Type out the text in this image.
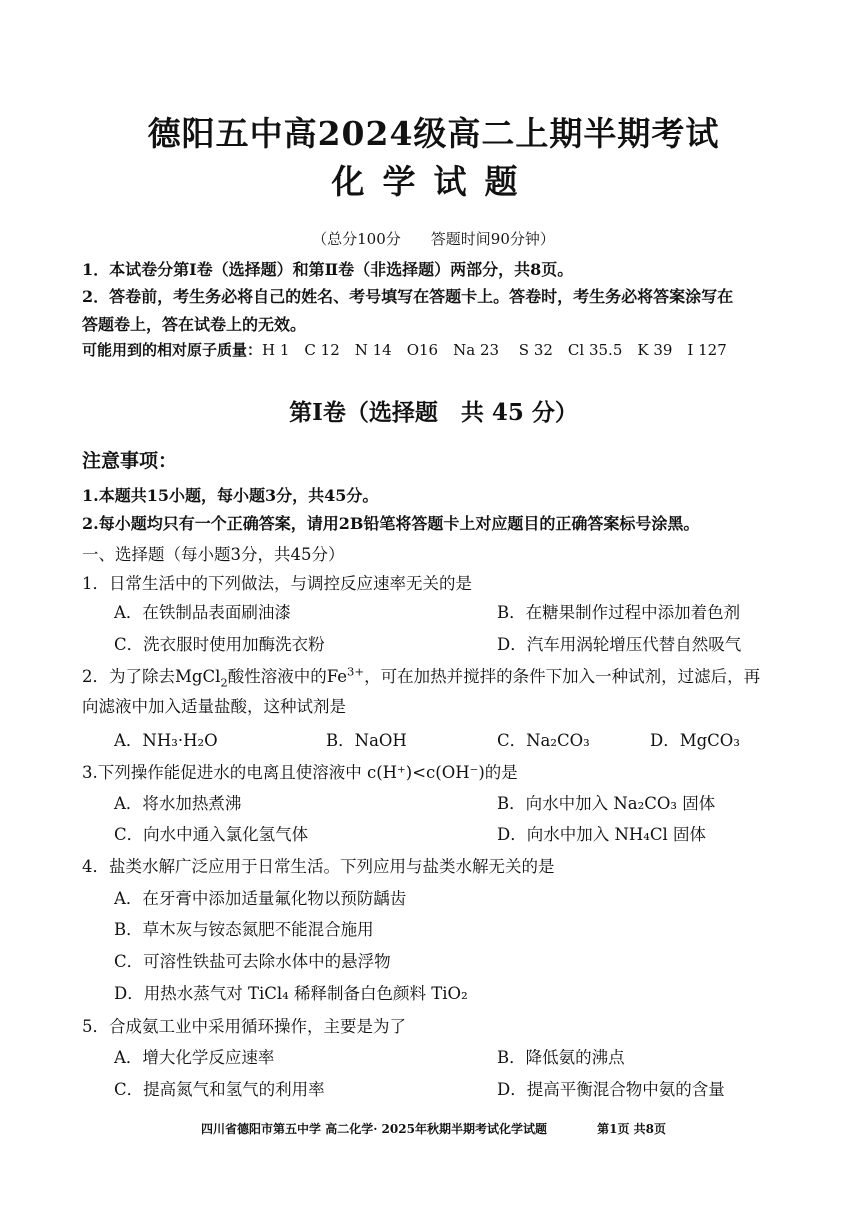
德阳五中高2024级高二上期半期考试
化学试题
（总分100分　　答题时间90分钟）
1．本试卷分第Ⅰ卷（选择题）和第Ⅱ卷（非选择题）两部分，共8页。
2．答卷前，考生务必将自己的姓名、考号填写在答题卡上。答卷时，考生务必将答案涂写在
答题卷上，答在试卷上的无效。
可能用到的相对原子质量：H 1　C 12　N 14　O16　Na 23　 S 32　Cl 35.5　K 39　I 127
第Ⅰ卷（选择题　共 45 分）
注意事项：
1.本题共15小题，每小题3分，共45分。
2.每小题均只有一个正确答案，请用2B铅笔将答题卡上对应题目的正确答案标号涂黑。
一、选择题（每小题3分，共45分）
1．日常生活中的下列做法，与调控反应速率无关的是
A．在铁制品表面刷油漆	B．在糖果制作过程中添加着色剂
C．洗衣服时使用加酶洗衣粉	D．汽车用涡轮增压代替自然吸气
2．为了除去MgCl$_2$酸性溶液中的$Fe^{3+}$，可在加热并搅拌的条件下加入一种试剂，过滤后，再
向滤液中加入适量盐酸，这种试剂是
A．NH₃·H₂O	B．NaOH	C．Na₂CO₃	D．MgCO₃
3.下列操作能促进水的电离且使溶液中 c(H⁺)<c(OH⁻)的是
A．将水加热煮沸	B．向水中加入 Na₂CO₃ 固体
C．向水中通入氯化氢气体	D．向水中加入 NH₄Cl 固体
4．盐类水解广泛应用于日常生活。下列应用与盐类水解无关的是
A．在牙膏中添加适量氟化物以预防龋齿
B．草木灰与铵态氮肥不能混合施用
C．可溶性铁盐可去除水体中的悬浮物
D．用热水蒸气对 TiCl₄ 稀释制备白色颜料 TiO₂
5．合成氨工业中采用循环操作，主要是为了
A．增大化学反应速率	B．降低氨的沸点
C．提高氮气和氢气的利用率	D．提高平衡混合物中氨的含量
四川省德阳市第五中学 高二化学· 2025年秋期半期考试化学试题	第1页 共8页
